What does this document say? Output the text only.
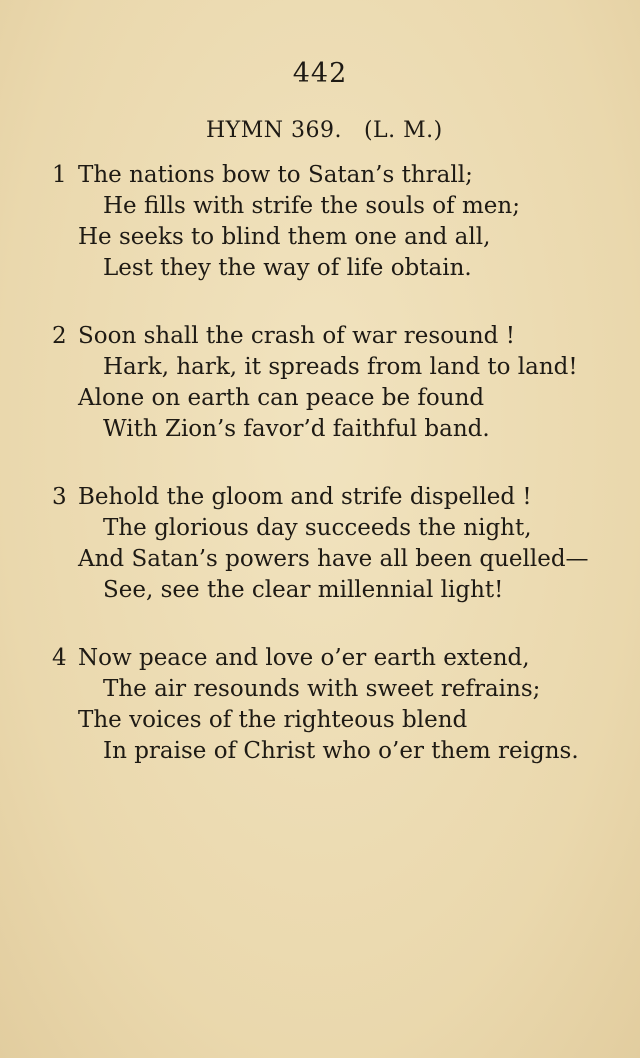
442
HYMN 369. (L. M.)
1 The nations bow to Satan’s thrall;
He fills with strife the souls of men;
He seeks to blind them one and all,
Lest they the way of life obtain.
2 Soon shall the crash of war resound !
Hark, hark, it spreads from land to land!
Alone on earth can peace be found
With Zion’s favor’d faithful band.
3 Behold the gloom and strife dispelled !
The glorious day succeeds the night,
And Satan’s powers have all been quelled—
See, see the clear millennial light!
4 Now peace and love o’er earth extend,
The air resounds with sweet refrains;
The voices of the righteous blend
In praise of Christ who o’er them reigns.
